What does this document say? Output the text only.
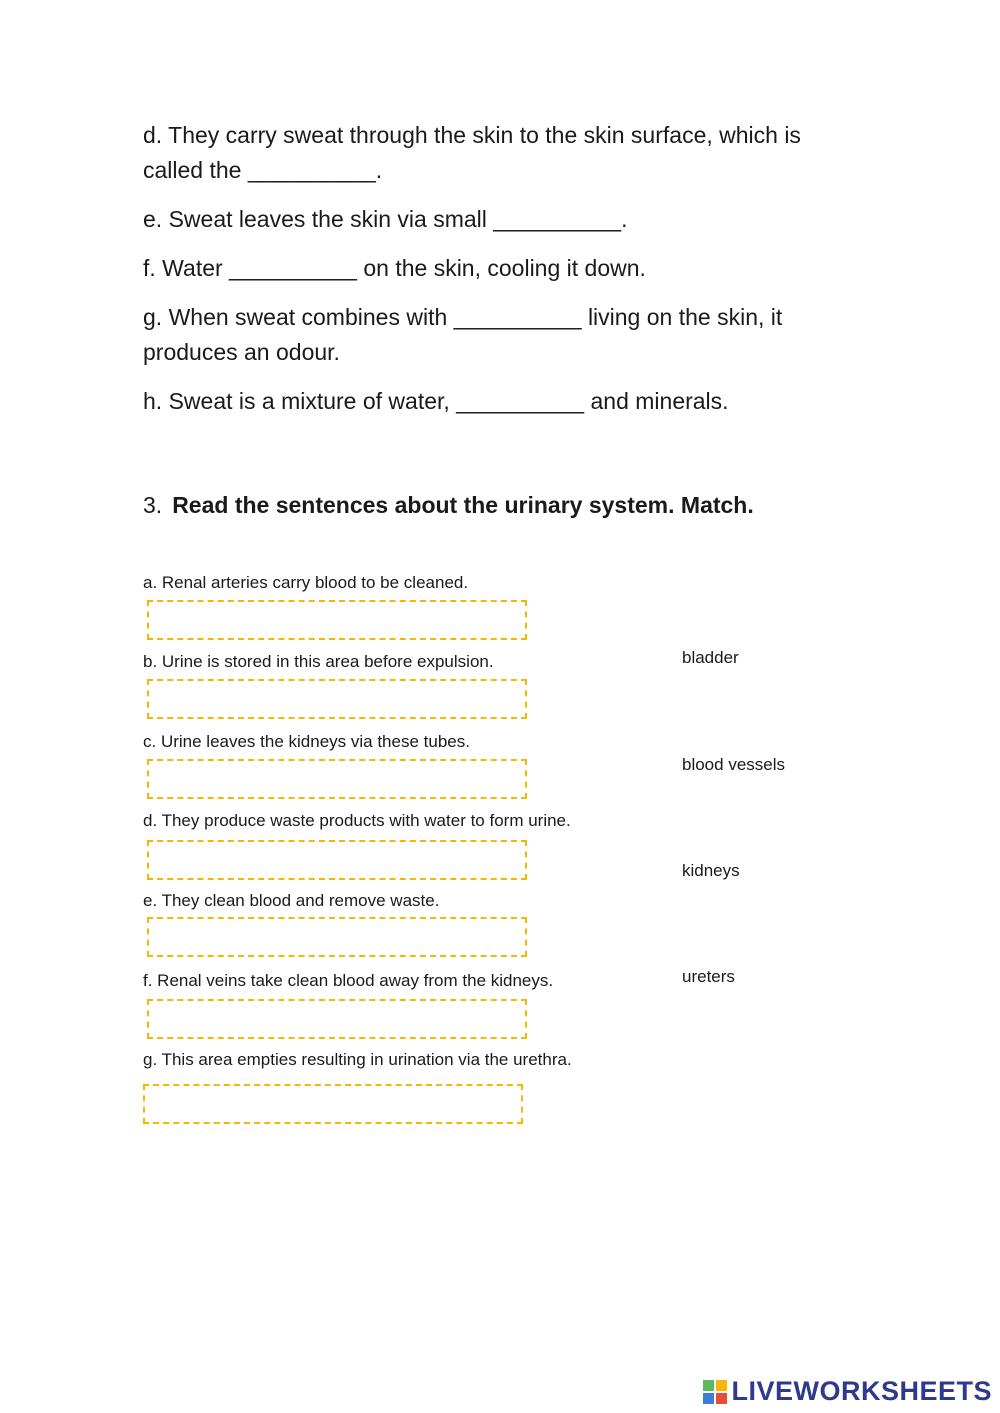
d. They carry sweat through the skin to the skin surface, which is
called the __________.

e. Sweat leaves the skin via small __________.

f. Water __________ on the skin, cooling it down.

g. When sweat combines with __________ living on the skin, it
produces an odour.

h. Sweat is a mixture of water, __________ and minerals.

3. Read the sentences about the urinary system. Match.

a. Renal arteries carry blood to be cleaned.

b. Urine is stored in this area before expulsion.

c. Urine leaves the kidneys via these tubes.

d. They produce waste products with water to form urine.

e. They clean blood and remove waste.

f. Renal veins take clean blood away from the kidneys.

g. This area empties resulting in urination via the urethra.

bladder
blood vessels
kidneys
ureters
LIVEWORKSHEETS
